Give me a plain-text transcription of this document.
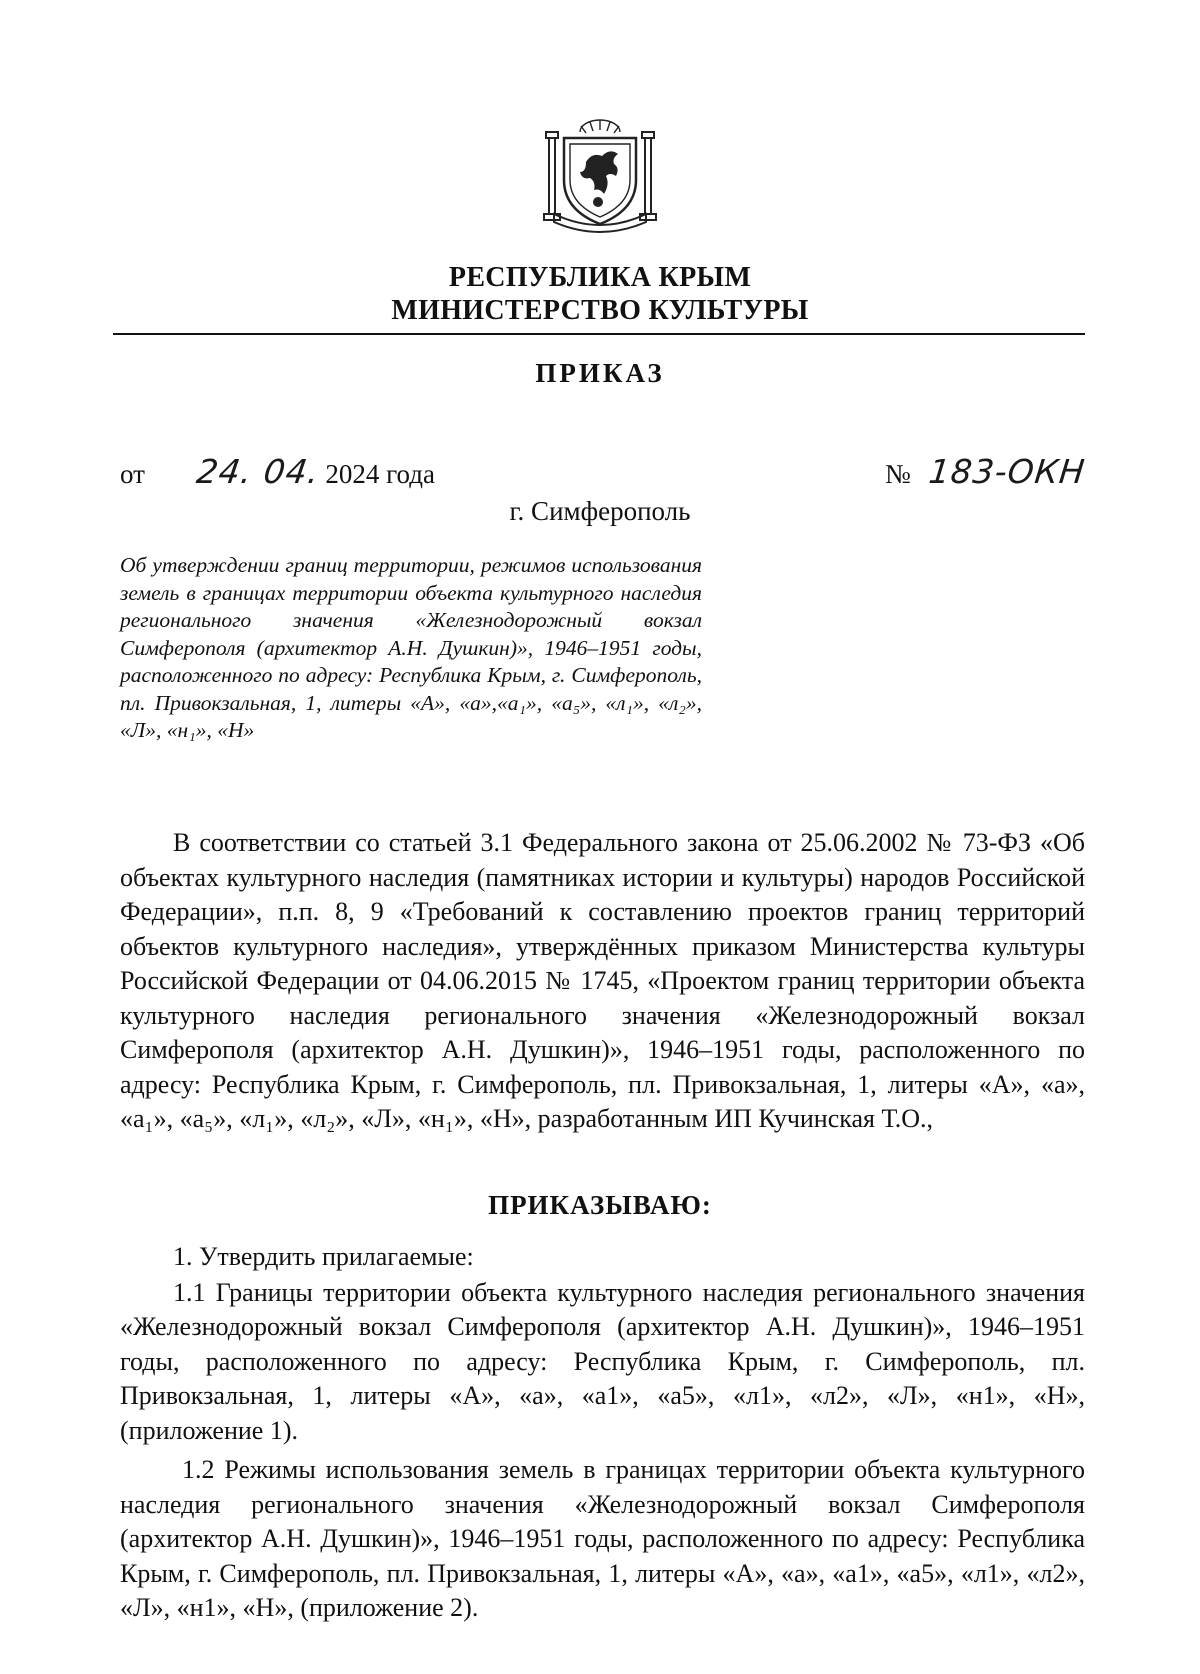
РЕСПУБЛИКА КРЫМ
МИНИСТЕРСТВО КУЛЬТУРЫ
ПРИКАЗ
от 24. 04. 2024 года	№ 183-ОКН
г. Симферополь
Об утверждении границ территории, режимов использования земель в границах территории объекта культурного наследия регионального значения «Железнодорожный вокзал Симферополя (архитектор А.Н. Душкин)», 1946–1951 годы, расположенного по адресу: Республика Крым, г. Симферополь, пл. Привокзальная, 1, литеры «А», «а»,«а₁», «а₅», «л₁», «л₂», «Л», «н₁», «Н»

В соответствии со статьей 3.1 Федерального закона от 25.06.2002 № 73-ФЗ «Об объектах культурного наследия (памятниках истории и культуры) народов Российской Федерации», п.п. 8, 9 «Требований к составлению проектов границ территорий объектов культурного наследия», утверждённых приказом Министерства культуры Российской Федерации от 04.06.2015 № 1745, «Проектом границ территории объекта культурного наследия регионального значения «Железнодорожный вокзал Симферополя (архитектор А.Н. Душкин)», 1946–1951 годы, расположенного по адресу: Республика Крым, г. Симферополь, пл. Привокзальная, 1, литеры «А», «а», «а₁», «а₅», «л₁», «л₂», «Л», «н₁», «Н», разработанным ИП Кучинская Т.О.,

ПРИКАЗЫВАЮ:

1. Утвердить прилагаемые:

1.1 Границы территории объекта культурного наследия регионального значения «Железнодорожный вокзал Симферополя (архитектор А.Н. Душкин)», 1946–1951 годы, расположенного по адресу: Республика Крым, г. Симферополь, пл. Привокзальная, 1, литеры «А», «а», «а1», «а5», «л1», «л2», «Л», «н1», «Н», (приложение 1).

1.2 Режимы использования земель в границах территории объекта культурного наследия регионального значения «Железнодорожный вокзал Симферополя (архитектор А.Н. Душкин)», 1946–1951 годы, расположенного по адресу: Республика Крым, г. Симферополь, пл. Привокзальная, 1, литеры «А», «а», «а1», «а5», «л1», «л2», «Л», «н1», «Н», (приложение 2).
